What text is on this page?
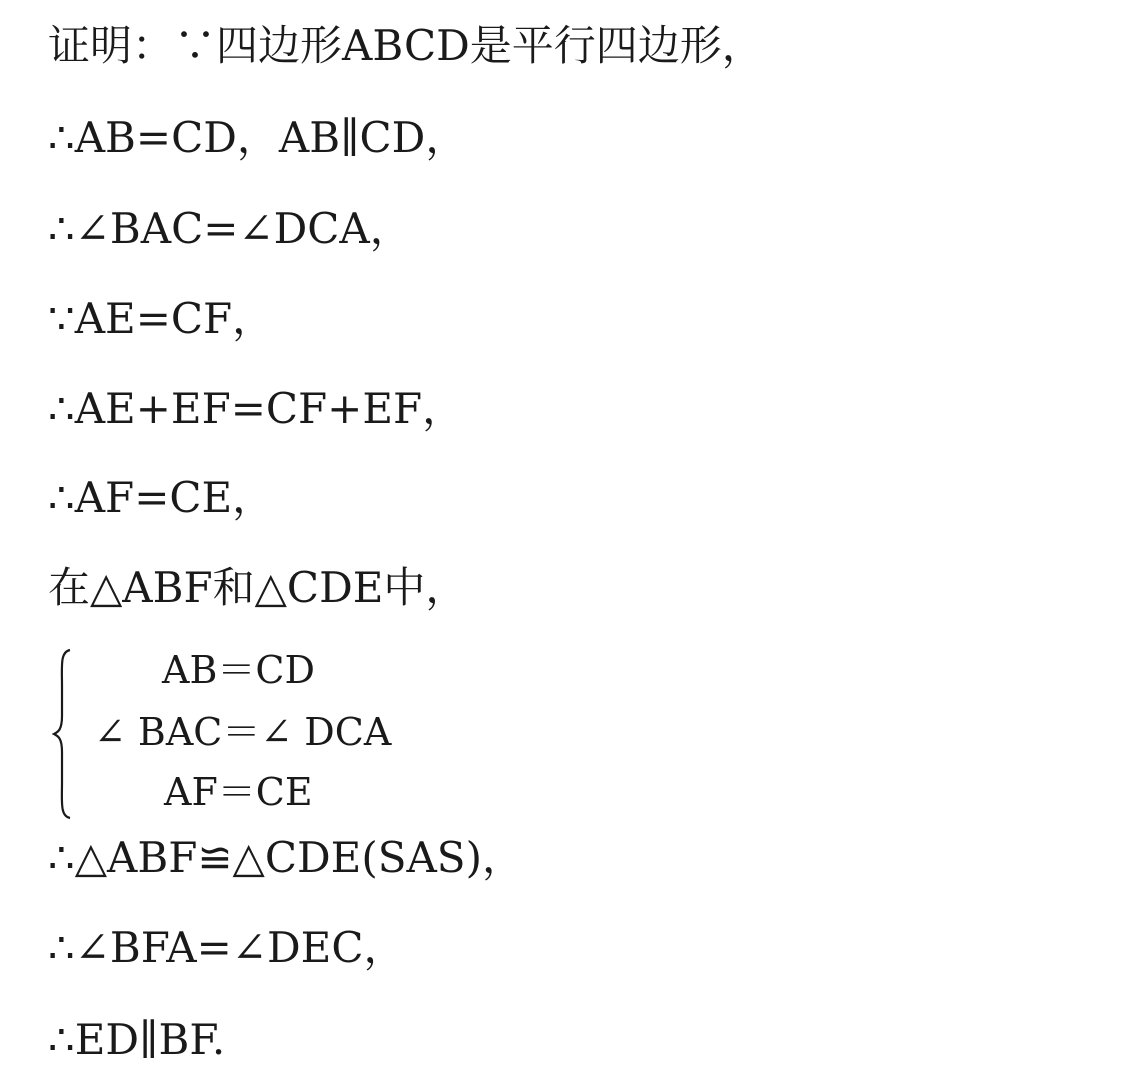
证明：∵四边形ABCD是平行四边形，
∴AB=CD，AB∥CD，
∴∠BAC=∠DCA，
∵AE=CF，
∴AE+EF=CF+EF，
∴AF=CE，
在△ABF和△CDE中，
AB＝CD
∠ BAC＝∠ DCA
AF＝CE
∴△ABF≌△CDE(SAS)，
∴∠BFA=∠DEC，
∴ED∥BF.
